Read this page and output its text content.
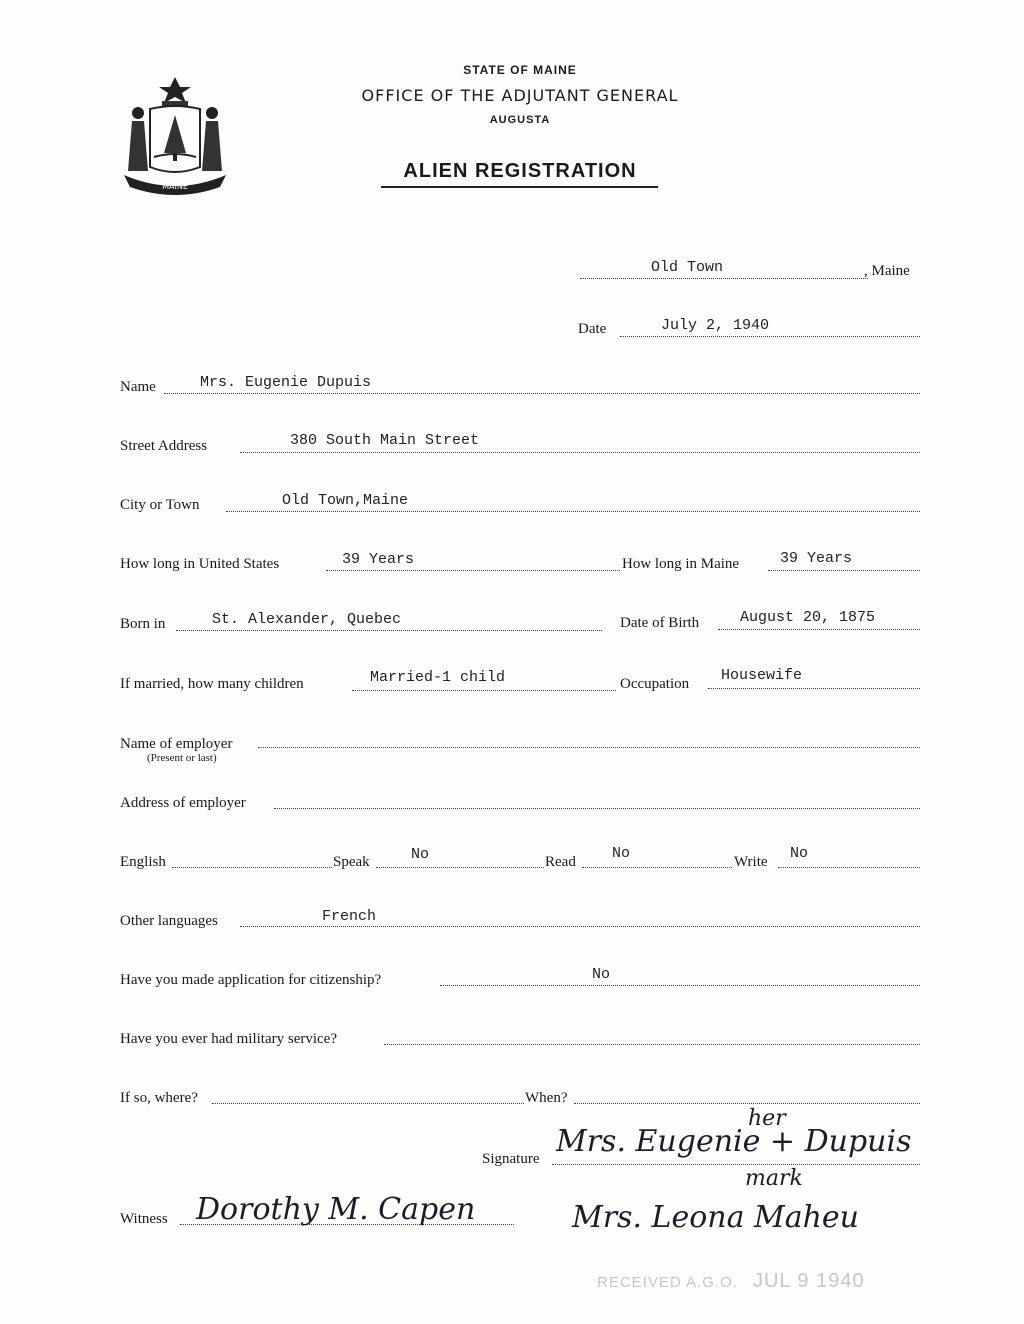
MAINE
STATE OF MAINE
OFFICE OF THE ADJUTANT GENERAL
AUGUSTA
ALIEN REGISTRATION
Old Town	, Maine
Date	July 2, 1940
Name	Mrs. Eugenie Dupuis
Street Address	380 South Main Street
City or Town	Old Town,Maine
How long in United States	39 Years	How long in Maine	39 Years
Born in	St. Alexander, Quebec	Date of Birth	August 20, 1875
If married, how many children	Married-1 child	Occupation Housewife
Name of employer
(Present or last)
Address of employer
English	Speak	No	Read No	Write No
Other languages	French
Have you made application for citizenship?	No
Have you ever had military service?
If so, where?	When?
Signature
her
Mrs. Eugenie + Dupuis
mark
Witness Dorothy M. Capen	Mrs. Leona Maheu
RECEIVED A.G.O. JUL 9 1940
